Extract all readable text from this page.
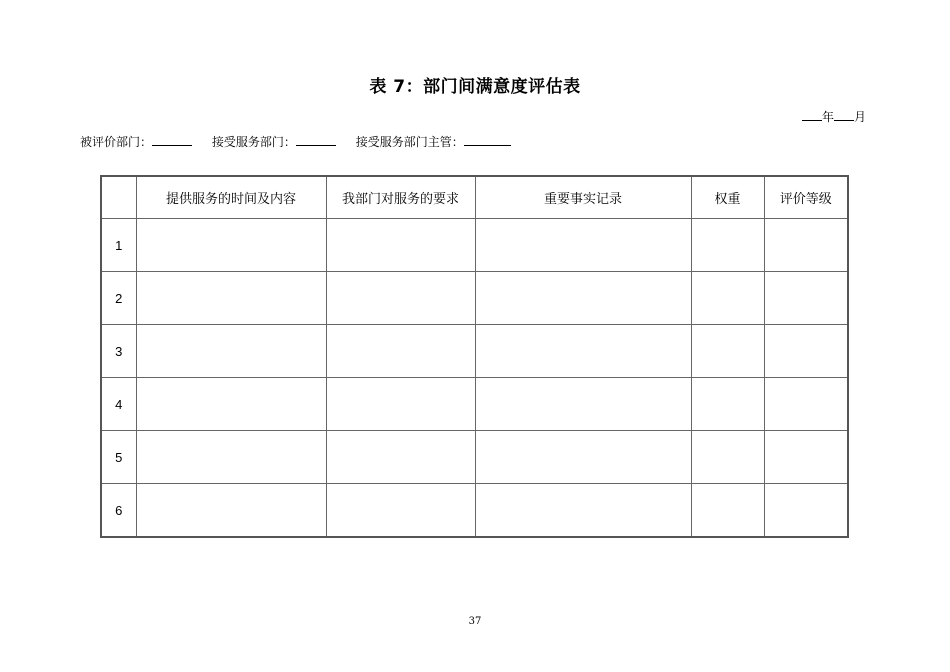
表 7：部门间满意度评估表
年 月
被评价部门：	接受服务部门：	接受服务部门主管：
	提供服务的时间及内容	我部门对服务的要求	重要事实记录	权重	评价等级
1					
2					
3					
4					
5					
6					
37
